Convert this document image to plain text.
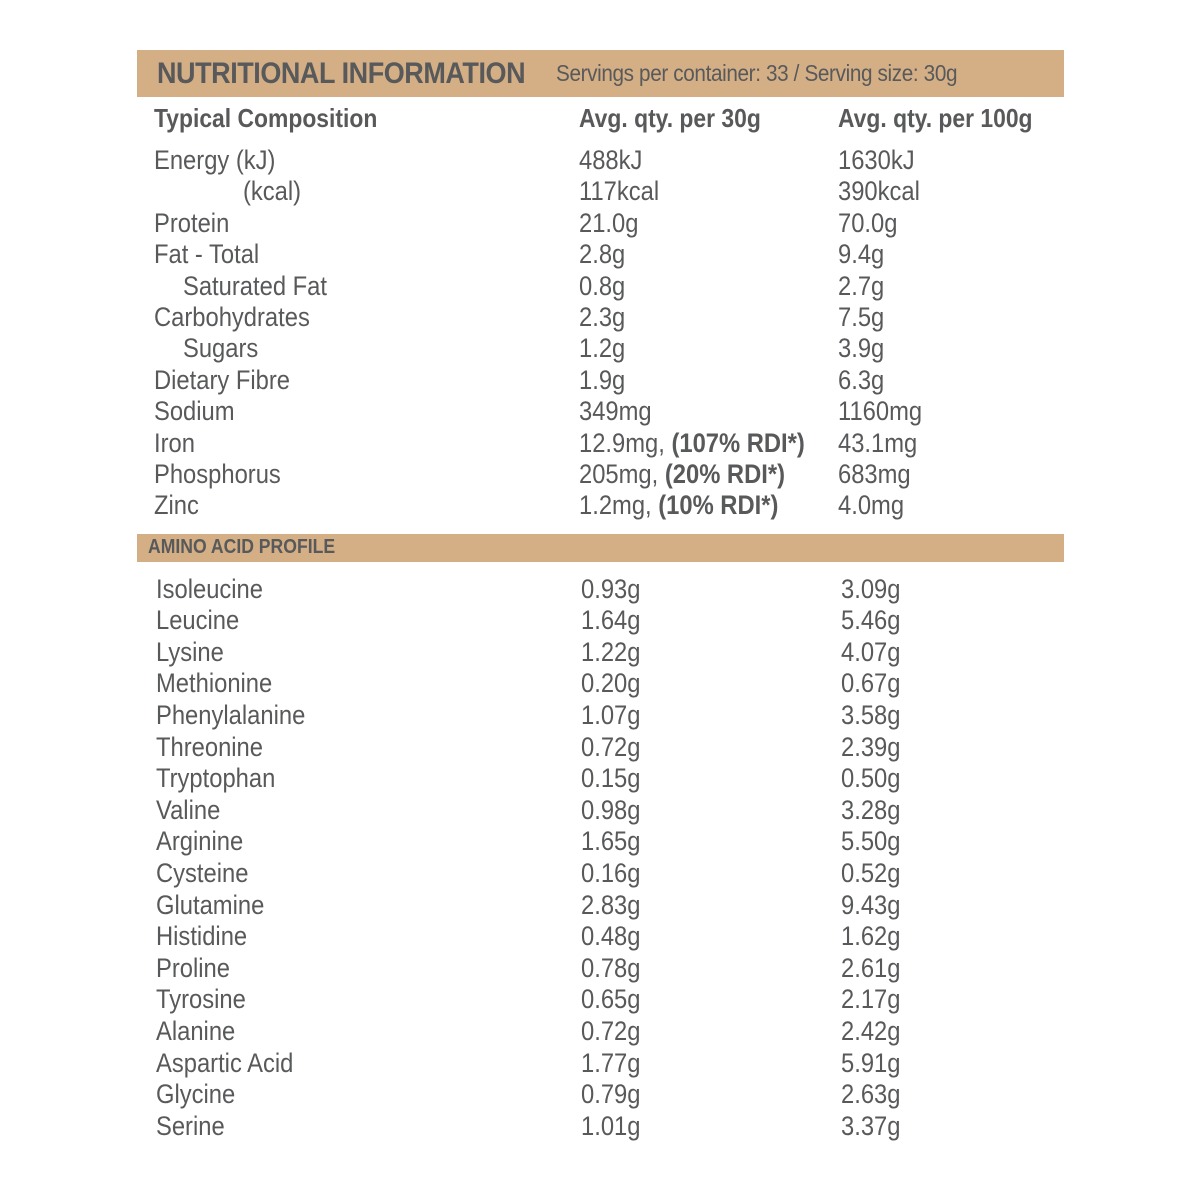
NUTRITIONAL INFORMATION Servings per container: 33 / Serving size: 30g
Typical Composition	Avg. qty. per 30g	Avg. qty. per 100g
Energy (kJ)	488kJ	1630kJ
(kcal)	117kcal	390kcal
Protein	21.0g	70.0g
Fat - Total	2.8g	9.4g
Saturated Fat	0.8g	2.7g
Carbohydrates	2.3g	7.5g
Sugars	1.2g	3.9g
Dietary Fibre	1.9g	6.3g
Sodium	349mg	1160mg
Iron	12.9mg, (107% RDI*) 43.1mg
Phosphorus	205mg, (20% RDI*) 683mg
Zinc	1.2mg, (10% RDI*) 4.0mg
AMINO ACID PROFILE
Isoleucine	0.93g	3.09g
Leucine	1.64g	5.46g
Lysine	1.22g	4.07g
Methionine	0.20g	0.67g
Phenylalanine	1.07g	3.58g
Threonine	0.72g	2.39g
Tryptophan	0.15g	0.50g
Valine	0.98g	3.28g
Arginine	1.65g	5.50g
Cysteine	0.16g	0.52g
Glutamine	2.83g	9.43g
Histidine	0.48g	1.62g
Proline	0.78g	2.61g
Tyrosine	0.65g	2.17g
Alanine	0.72g	2.42g
Aspartic Acid	1.77g	5.91g
Glycine	0.79g	2.63g
Serine	1.01g	3.37g
